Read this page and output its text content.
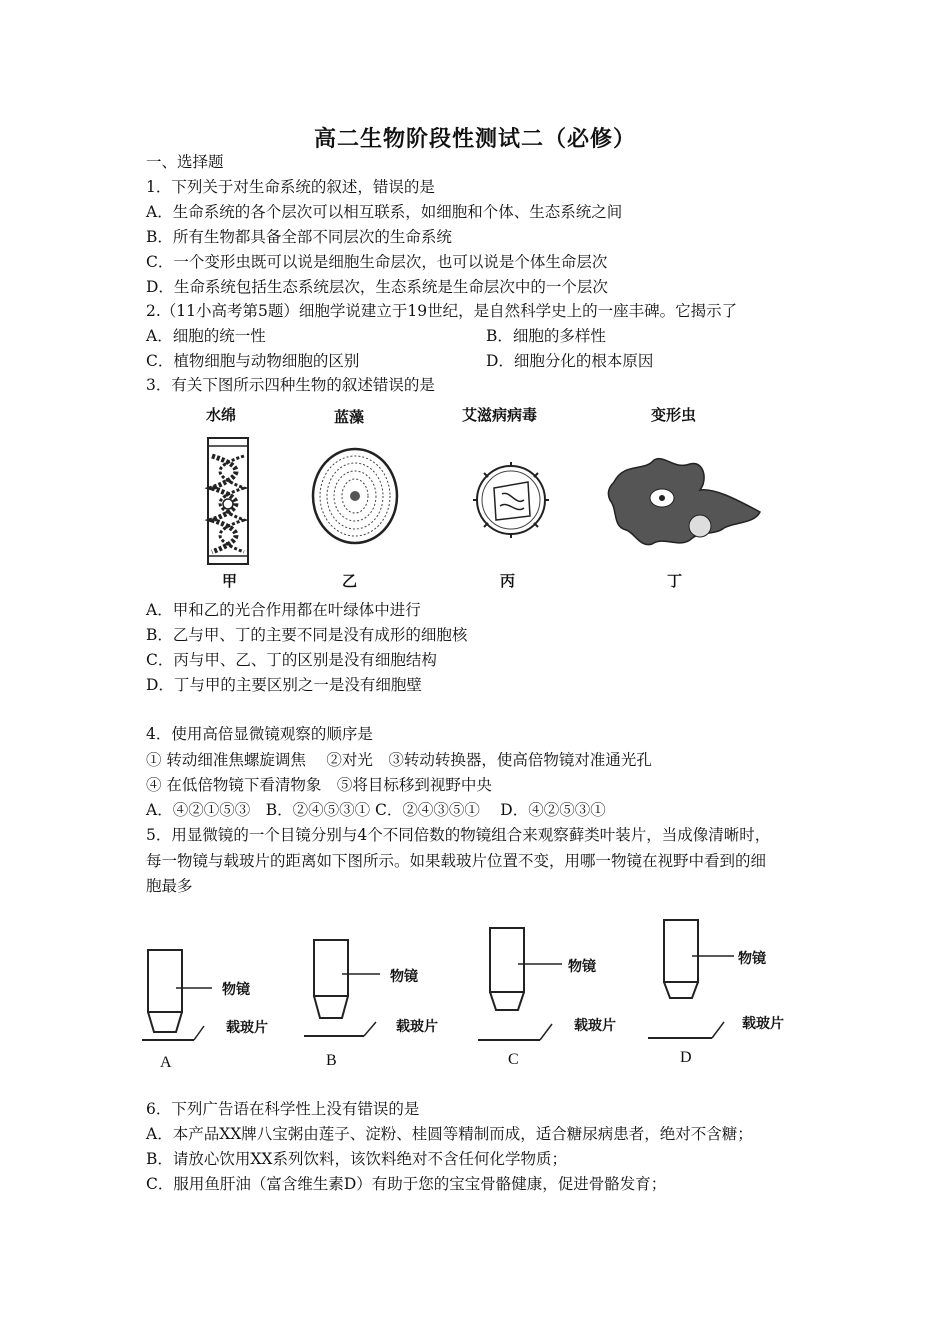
高二生物阶段性测试二（必修）
一、选择题
1．下列关于对生命系统的叙述，错误的是
A．生命系统的各个层次可以相互联系，如细胞和个体、生态系统之间
B．所有生物都具备全部不同层次的生命系统
C．一个变形虫既可以说是细胞生命层次，也可以说是个体生命层次
D．生命系统包括生态系统层次，生态系统是生命层次中的一个层次
2.（11小高考第5题）细胞学说建立于19世纪，是自然科学史上的一座丰碑。它揭示了
A．细胞的统一性	B．细胞的多样性
C．植物细胞与动物细胞的区别	D．细胞分化的根本原因
3．有关下图所示四种生物的叙述错误的是
水绵	蓝藻	艾滋病病毒	变形虫
甲	乙	丙	丁
A．甲和乙的光合作用都在叶绿体中进行
B．乙与甲、丁的主要不同是没有成形的细胞核
C．丙与甲、乙、丁的区别是没有细胞结构
D．丁与甲的主要区别之一是没有细胞壁
4．使用高倍显微镜观察的顺序是
① 转动细准焦螺旋调焦 　②对光　③转动转换器，使高倍物镜对准通光孔
④ 在低倍物镜下看清物象　⑤将目标移到视野中央
A．④②①⑤③　B．②④⑤③① C．②④③⑤①　 D．④②⑤③①
5．用显微镜的一个目镜分别与4个不同倍数的物镜组合来观察藓类叶装片，当成像清晰时，
每一物镜与载玻片的距离如下图所示。如果载玻片位置不变，用哪一物镜在视野中看到的细
胞最多
物镜
载玻片
A
物镜
载玻片
B
物镜
载玻片
C
物镜
载玻片
D
6．下列广告语在科学性上没有错误的是
A．本产品XX牌八宝粥由莲子、淀粉、桂圆等精制而成，适合糖尿病患者，绝对不含糖；
B．请放心饮用XX系列饮料，该饮料绝对不含任何化学物质；
C．服用鱼肝油（富含维生素D）有助于您的宝宝骨骼健康，促进骨骼发育；
